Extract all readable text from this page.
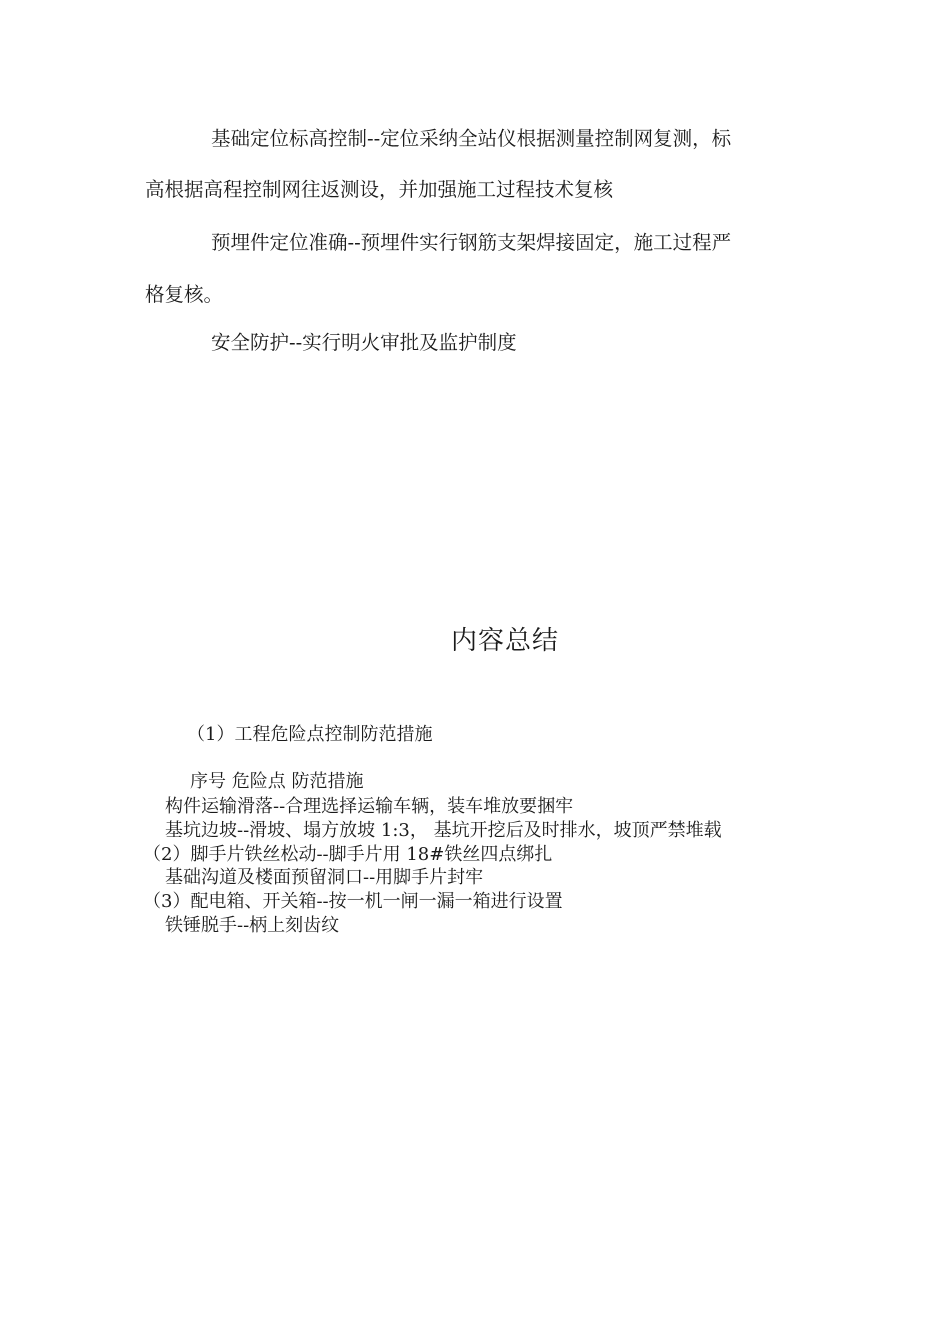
基础定位标高控制--定位采纳全站仪根据测量控制网复测，标
高根据高程控制网往返测设，并加强施工过程技术复核
预埋件定位准确--预埋件实行钢筋支架焊接固定，施工过程严
格复核。
安全防护--实行明火审批及监护制度
内容总结
（1）工程危险点控制防范措施
序号 危险点 防范措施
构件运输滑落--合理选择运输车辆，装车堆放要捆牢
基坑边坡--滑坡、塌方放坡 1:3， 基坑开挖后及时排水，坡顶严禁堆载
（2）脚手片铁丝松动--脚手片用 18#铁丝四点绑扎
基础沟道及楼面预留洞口--用脚手片封牢
（3）配电箱、开关箱--按一机一闸一漏一箱进行设置
铁锤脱手--柄上刻齿纹
